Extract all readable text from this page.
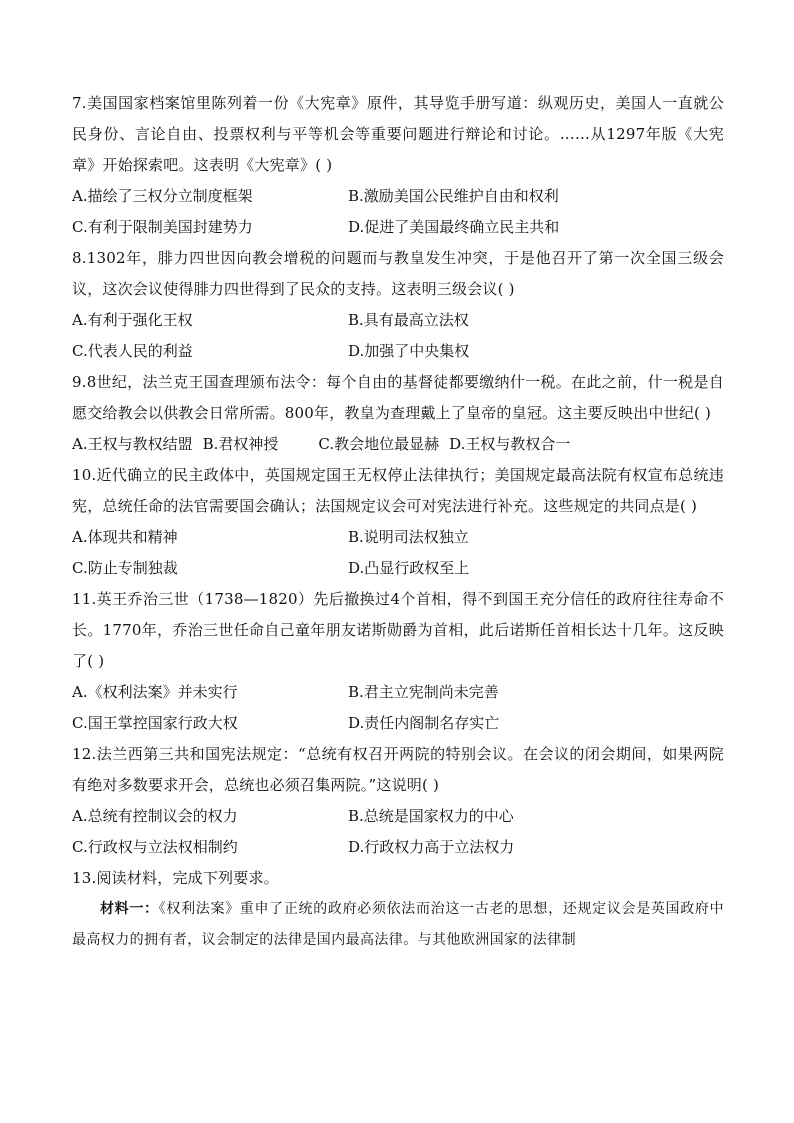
7.美国国家档案馆里陈列着一份《大宪章》原件，其导览手册写道：纵观历史，美国人一直就公民身份、言论自由、投票权利与平等机会等重要问题进行辩论和讨论。……从1297年版《大宪章》开始探索吧。这表明《大宪章》( )

A.描绘了三权分立制度框架	B.激励美国公民维护自由和权利
C.有利于限制美国封建势力	D.促进了美国最终确立民主共和

8.1302年，腓力四世因向教会增税的问题而与教皇发生冲突，于是他召开了第一次全国三级会议，这次会议使得腓力四世得到了民众的支持。这表明三级会议( )

A.有利于强化王权	B.具有最高立法权
C.代表人民的利益	D.加强了中央集权

9.8世纪，法兰克王国查理颁布法令：每个自由的基督徒都要缴纳什一税。在此之前，什一税是自愿交给教会以供教会日常所需。800年，教皇为查理戴上了皇帝的皇冠。这主要反映出中世纪( )

A.王权与教权结盟 B.君权神授	C.教会地位最显赫 D.王权与教权合一

10.近代确立的民主政体中，英国规定国王无权停止法律执行；美国规定最高法院有权宣布总统违宪，总统任命的法官需要国会确认；法国规定议会可对宪法进行补充。这些规定的共同点是( )

A.体现共和精神	B.说明司法权独立
C.防止专制独裁	D.凸显行政权至上

11.英王乔治三世（1738—1820）先后撤换过4个首相，得不到国王充分信任的政府往往寿命不长。1770年，乔治三世任命自己童年朋友诺斯勋爵为首相，此后诺斯任首相长达十几年。这反映了( )

A.《权利法案》并未实行	B.君主立宪制尚未完善
C.国王掌控国家行政大权	D.责任内阁制名存实亡

12.法兰西第三共和国宪法规定：“总统有权召开两院的特别会议。在会议的闭会期间，如果两院有绝对多数要求开会，总统也必须召集两院。”这说明( )

A.总统有控制议会的权力	B.总统是国家权力的中心
C.行政权与立法权相制约	D.行政权力高于立法权力

13.阅读材料，完成下列要求。

材料一：《权利法案》重申了正统的政府必须依法而治这一古老的思想，还规定议会是英国政府中最高权力的拥有者，议会制定的法律是国内最高法律。与其他欧洲国家的法律制
